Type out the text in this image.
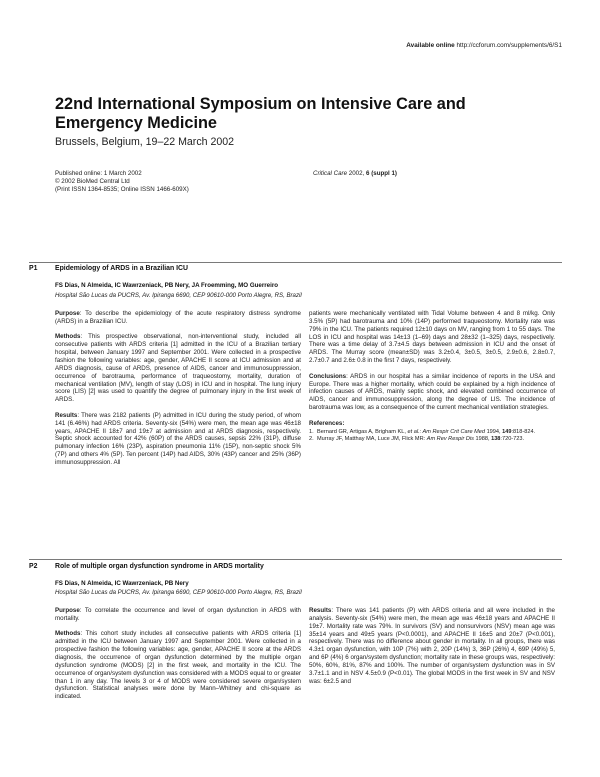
Available online http://ccforum.com/supplements/6/S1
22nd International Symposium on Intensive Care and Emergency Medicine
Brussels, Belgium, 19–22 March 2002
Published online: 1 March 2002
© 2002 BioMed Central Ltd
(Print ISSN 1364-8535; Online ISSN 1466-609X)
Critical Care 2002, 6 (suppl 1)
P1	Epidemiology of ARDS in a Brazilian ICU
FS Dias, N Almeida, IC Wawrzeniack, PB Nery, JA Froemming, MO Guerreiro
Hospital São Lucas da PUCRS, Av. Ipiranga 6690, CEP 90610-000 Porto Alegre, RS, Brazil

Purpose: To describe the epidemiology of the acute respiratory distress syndrome (ARDS) in a Brazilian ICU.

Methods: This prospective observational, non-interventional study, included all consecutive patients with ARDS criteria [1] admitted in the ICU of a Brazilian tertiary hospital, between January 1997 and September 2001. Were collected in a prospective fashion the following variables: age, gender, APACHE II score at ICU admission and at ARDS diagnosis, cause of ARDS, presence of AIDS, cancer and immunosuppression, occurrence of barotrauma, performance of traqueostomy, mortality, duration of mechanical ventilation (MV), length of stay (LOS) in ICU and in hospital. The lung injury score (LIS) [2] was used to quantify the degree of pulmonary injury in the first week of ARDS.

Results: There was 2182 patients (P) admitted in ICU during the study period, of whom 141 (6.46%) had ARDS criteria. Seventy-six (54%) were men, the mean age was 46±18 years, APACHE II 18±7 and 19±7 at admission and at ARDS diagnosis, respectively. Septic shock accounted for 42% (60P) of the ARDS causes, sepsis 22% (31P), diffuse pulmonary infection 16% (23P), aspiration pneumonia 11% (15P), non-septic shock 5% (7P) and others 4% (5P). Ten percent (14P) had AIDS, 30% (43P) cancer and 25% (36P) immunosuppression. All

patients were mechanically ventilated with Tidal Volume between 4 and 8 ml/kg. Only 3.5% (5P) had barotrauma and 10% (14P) performed traqueostomy. Mortality rate was 79% in the ICU. The patients required 12±10 days on MV, ranging from 1 to 55 days. The LOS in ICU and hospital was 14±13 (1–69) days and 28±32 (1–325) days, respectively. There was a time delay of 3.7±4.5 days between admission in ICU and the onset of ARDS. The Murray score (mean±SD) was 3.2±0.4, 3±0.5, 3±0.5, 2.9±0.6, 2.8±0.7, 2.7±0.7 and 2.6± 0.8 in the first 7 days, respectively.

Conclusions: ARDS in our hospital has a similar incidence of reports in the USA and Europe. There was a higher mortality, which could be explained by a high incidence of infection causes of ARDS, mainly septic shock, and elevated combined occurrence of AIDS, cancer and immunosuppression, along the degree of LIS. The incidence of barotrauma was low, as a consequence of the current mechanical ventilation strategies.

References:
1. Bernard GR, Artigas A, Brigham KL, et al.: Am Respir Crit Care Med 1994, 149:818-824.
2. Murray JF, Matthay MA, Luce JM, Flick MR: Am Rev Respir Dis 1988, 138:720-723.
P2	Role of multiple organ dysfunction syndrome in ARDS mortality
FS Dias, N Almeida, IC Wawrzeniack, PB Nery
Hospital São Lucas da PUCRS, Av. Ipiranga 6690, CEP 90610-000 Porto Alegre, RS, Brazil

Purpose: To correlate the occurrence and level of organ dysfunction in ARDS with mortality.

Methods: This cohort study includes all consecutive patients with ARDS criteria [1] admitted in the ICU between January 1997 and September 2001. Were collected in a prospective fashion the following variables: age, gender, APACHE II score at the ARDS diagnosis, the occurrence of organ dysfunction determined by the multiple organ dysfunction syndrome (MODS) [2] in the first week, and mortality in the ICU. The occurrence of organ/system dysfunction was considered with a MODS equal to or greater than 1 in any day. The levels 3 or 4 of MODS were considered severe organ/system dysfunction. Statistical analyses were done by Mann–Whitney and chi-square as indicated.

Results: There was 141 patients (P) with ARDS criteria and all were included in the analysis. Seventy-six (54%) were men, the mean age was 46±18 years and APACHE II 19±7. Mortality rate was 79%. In survivors (SV) and nonsurvivors (NSV) mean age was 35±14 years and 49±5 years (P<0.0001), and APACHE II 16±5 and 20±7 (P<0.001), respectively. There was no difference about gender in mortality. In all groups, there was 4.3±1 organ dysfunction, with 10P (7%) with 2, 20P (14%) 3, 36P (26%) 4, 69P (49%) 5, and 6P (4%) 6 organ/system dysfunction; mortality rate in these groups was, respectively: 50%, 60%, 81%, 87% and 100%. The number of organ/system dysfunction was in SV 3.7±1.1 and in NSV 4.5±0.9 (P<0.01). The global MODS in the first week in SV and NSV was: 6±2.5 and
